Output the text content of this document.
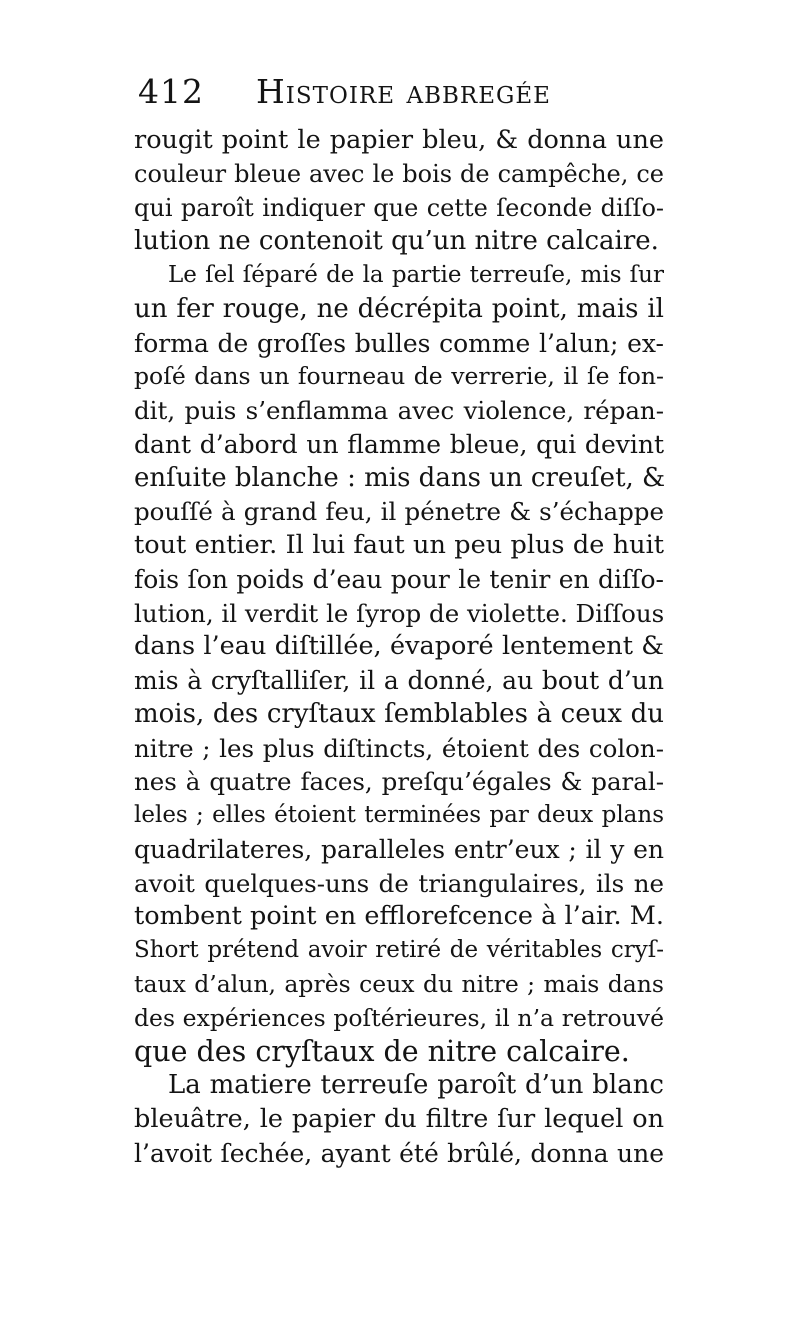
412 Histoire abbregée
rougit point le papier bleu, & donna une
couleur bleue avec le bois de campêche, ce
qui paroît indiquer que cette ſeconde diſſo-
lution ne contenoit qu’un nitre calcaire.
Le ſel ſéparé de la partie terreuſe, mis ſur
un fer rouge, ne décrépita point, mais il
forma de groſſes bulles comme l’alun; ex-
poſé dans un fourneau de verrerie, il ſe fon-
dit, puis s’enflamma avec violence, répan-
dant d’abord un flamme bleue, qui devint
enſuite blanche : mis dans un creuſet, &
pouſſé à grand feu, il pénetre & s’échappe
tout entier. Il lui faut un peu plus de huit
fois ſon poids d’eau pour le tenir en diſſo-
lution, il verdit le ſyrop de violette. Diſſous
dans l’eau diſtillée, évaporé lentement &
mis à cryſtalliſer, il a donné, au bout d’un
mois, des cryſtaux ſemblables à ceux du
nitre ; les plus diſtincts, étoient des colon-
nes à quatre faces, preſqu’égales & paral-
leles ; elles étoient terminées par deux plans
quadrilateres, paralleles entr’eux ; il y en
avoit quelques-uns de triangulaires, ils ne
tombent point en efflorefcence à l’air. M.
Short prétend avoir retiré de véritables cryſ-
taux d’alun, après ceux du nitre ; mais dans
des expériences poſtérieures, il n’a retrouvé
que des cryſtaux de nitre calcaire.
La matiere terreuſe paroît d’un blanc
bleuâtre, le papier du filtre ſur lequel on
l’avoit ſechée, ayant été brûlé, donna une
